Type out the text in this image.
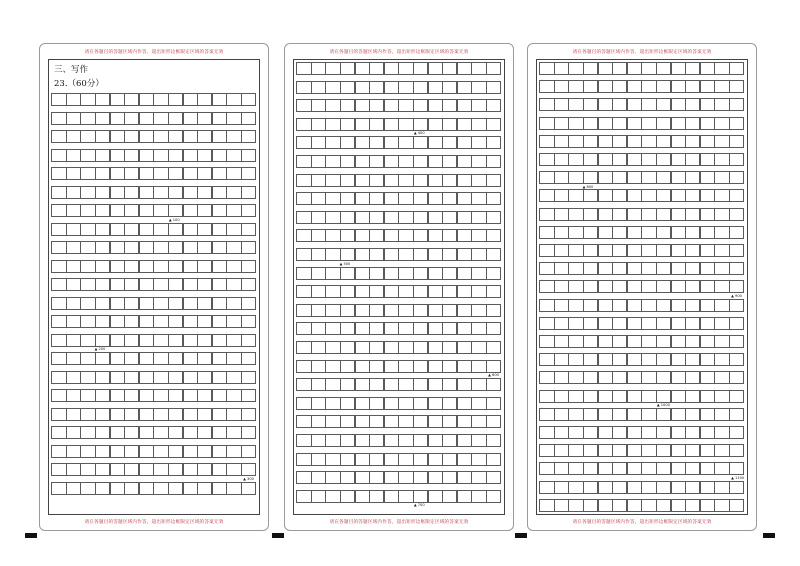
请在各题目的答题区域内作答，超出矩形边框限定区域的答案无效
三、写作
23.（60分）
▲ 100
▲ 200
▲ 300
请在各题目的答题区域内作答，超出矩形边框限定区域的答案无效
请在各题目的答题区域内作答，超出矩形边框限定区域的答案无效
▲ 400
▲ 500
▲ 600
▲ 700
请在各题目的答题区域内作答，超出矩形边框限定区域的答案无效
请在各题目的答题区域内作答，超出矩形边框限定区域的答案无效
▲ 800
▲ 900
▲ 1000
▲ 1100
请在各题目的答题区域内作答，超出矩形边框限定区域的答案无效
